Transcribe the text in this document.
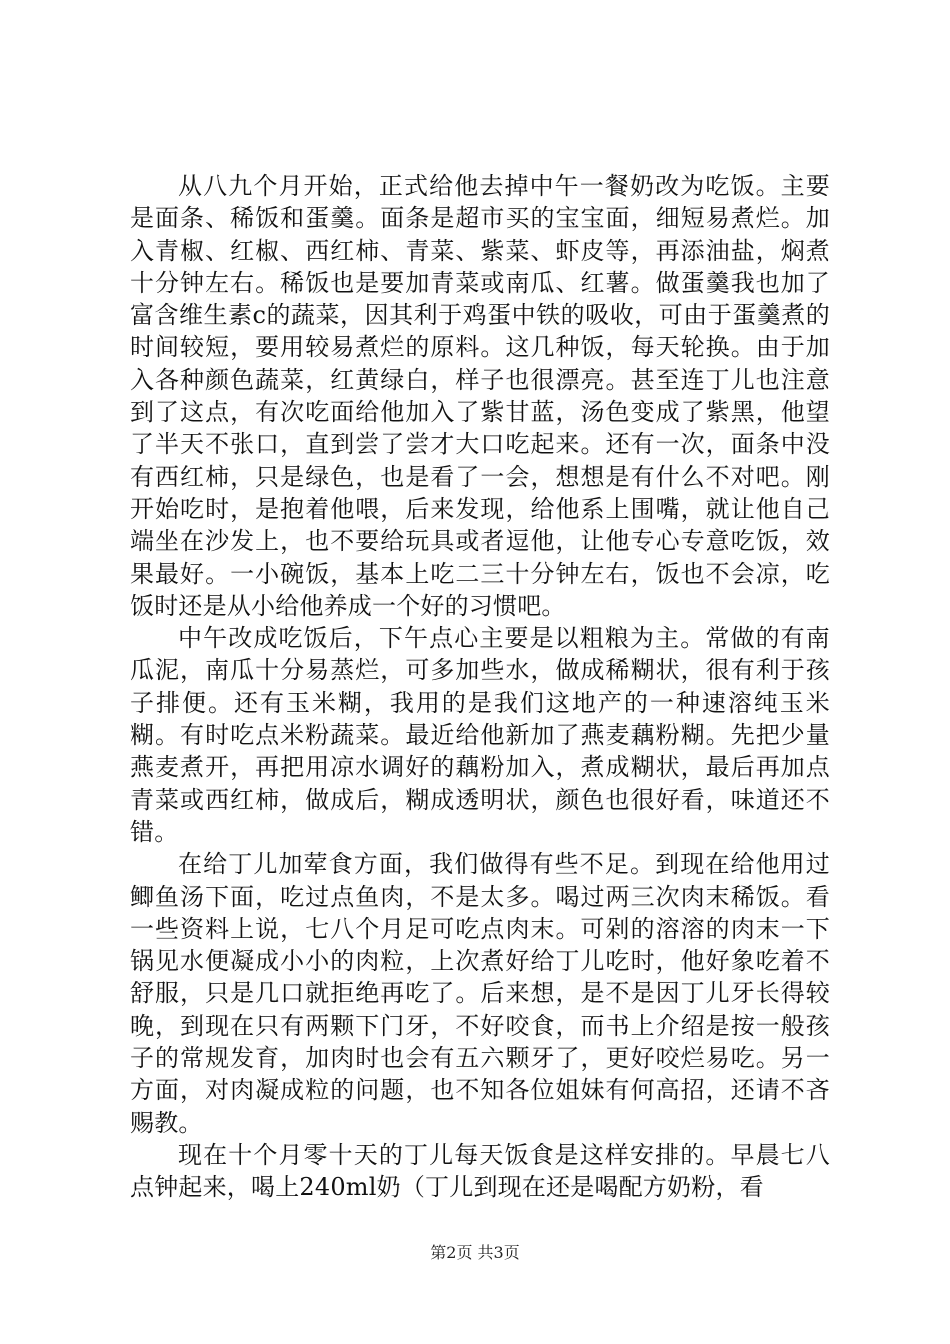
从八九个月开始，正式给他去掉中午一餐奶改为吃饭。主要是面条、稀饭和蛋羹。面条是超市买的宝宝面，细短易煮烂。加入青椒、红椒、西红柿、青菜、紫菜、虾皮等，再添油盐，焖煮十分钟左右。稀饭也是要加青菜或南瓜、红薯。做蛋羹我也加了富含维生素c的蔬菜，因其利于鸡蛋中铁的吸收，可由于蛋羹煮的时间较短，要用较易煮烂的原料。这几种饭，每天轮换。由于加入各种颜色蔬菜，红黄绿白，样子也很漂亮。甚至连丁儿也注意到了这点，有次吃面给他加入了紫甘蓝，汤色变成了紫黑，他望了半天不张口，直到尝了尝才大口吃起来。还有一次，面条中没有西红柿，只是绿色，也是看了一会，想想是有什么不对吧。刚开始吃时，是抱着他喂，后来发现，给他系上围嘴，就让他自己端坐在沙发上，也不要给玩具或者逗他，让他专心专意吃饭，效果最好。一小碗饭，基本上吃二三十分钟左右，饭也不会凉，吃饭时还是从小给他养成一个好的习惯吧。

中午改成吃饭后，下午点心主要是以粗粮为主。常做的有南瓜泥，南瓜十分易蒸烂，可多加些水，做成稀糊状，很有利于孩子排便。还有玉米糊，我用的是我们这地产的一种速溶纯玉米糊。有时吃点米粉蔬菜。最近给他新加了燕麦藕粉糊。先把少量燕麦煮开，再把用凉水调好的藕粉加入，煮成糊状，最后再加点青菜或西红柿，做成后，糊成透明状，颜色也很好看，味道还不错。

在给丁儿加荤食方面，我们做得有些不足。到现在给他用过鲫鱼汤下面，吃过点鱼肉，不是太多。喝过两三次肉末稀饭。看一些资料上说，七八个月足可吃点肉末。可剁的溶溶的肉末一下锅见水便凝成小小的肉粒，上次煮好给丁儿吃时，他好象吃着不舒服，只是几口就拒绝再吃了。后来想，是不是因丁儿牙长得较晚，到现在只有两颗下门牙，不好咬食，而书上介绍是按一般孩子的常规发育，加肉时也会有五六颗牙了，更好咬烂易吃。另一方面，对肉凝成粒的问题，也不知各位姐妹有何高招，还请不吝赐教。

现在十个月零十天的丁儿每天饭食是这样安排的。早晨七八点钟起来，喝上240ml奶（丁儿到现在还是喝配方奶粉，看

第2页 共3页
